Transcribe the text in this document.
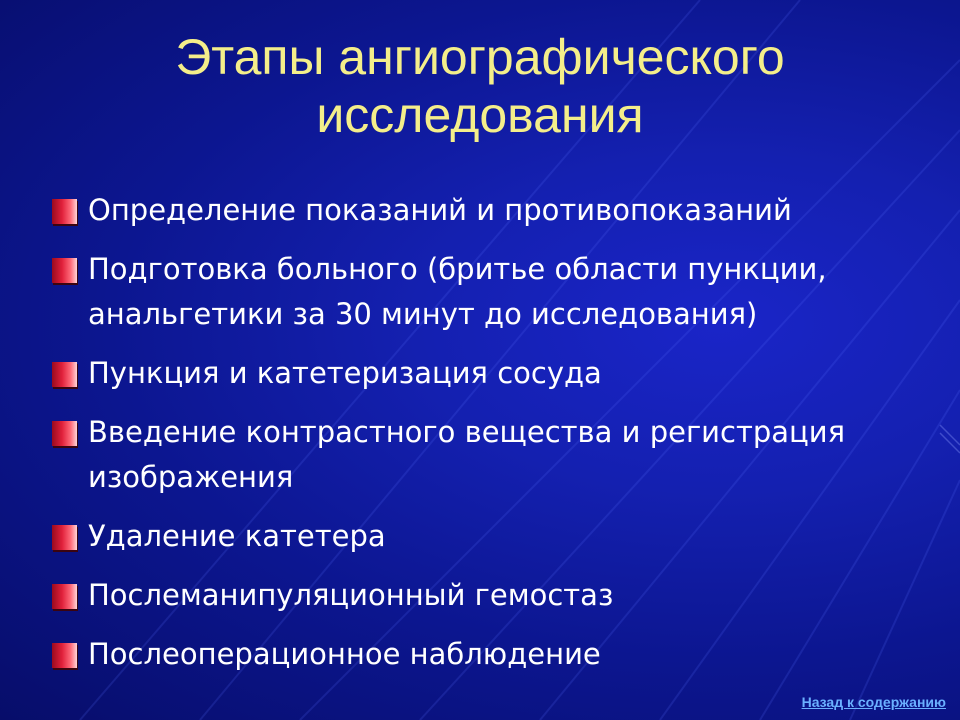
Этапы ангиографического
исследования
Определение показаний и противопоказаний
Подготовка больного (бритье области пункции, анальгетики за 30 минут до исследования)
Пункция и катетеризация сосуда
Введение контрастного вещества и регистрация изображения
Удаление катетера
Послеманипуляционный гемостаз
Послеоперационное наблюдение
Назад к содержанию
